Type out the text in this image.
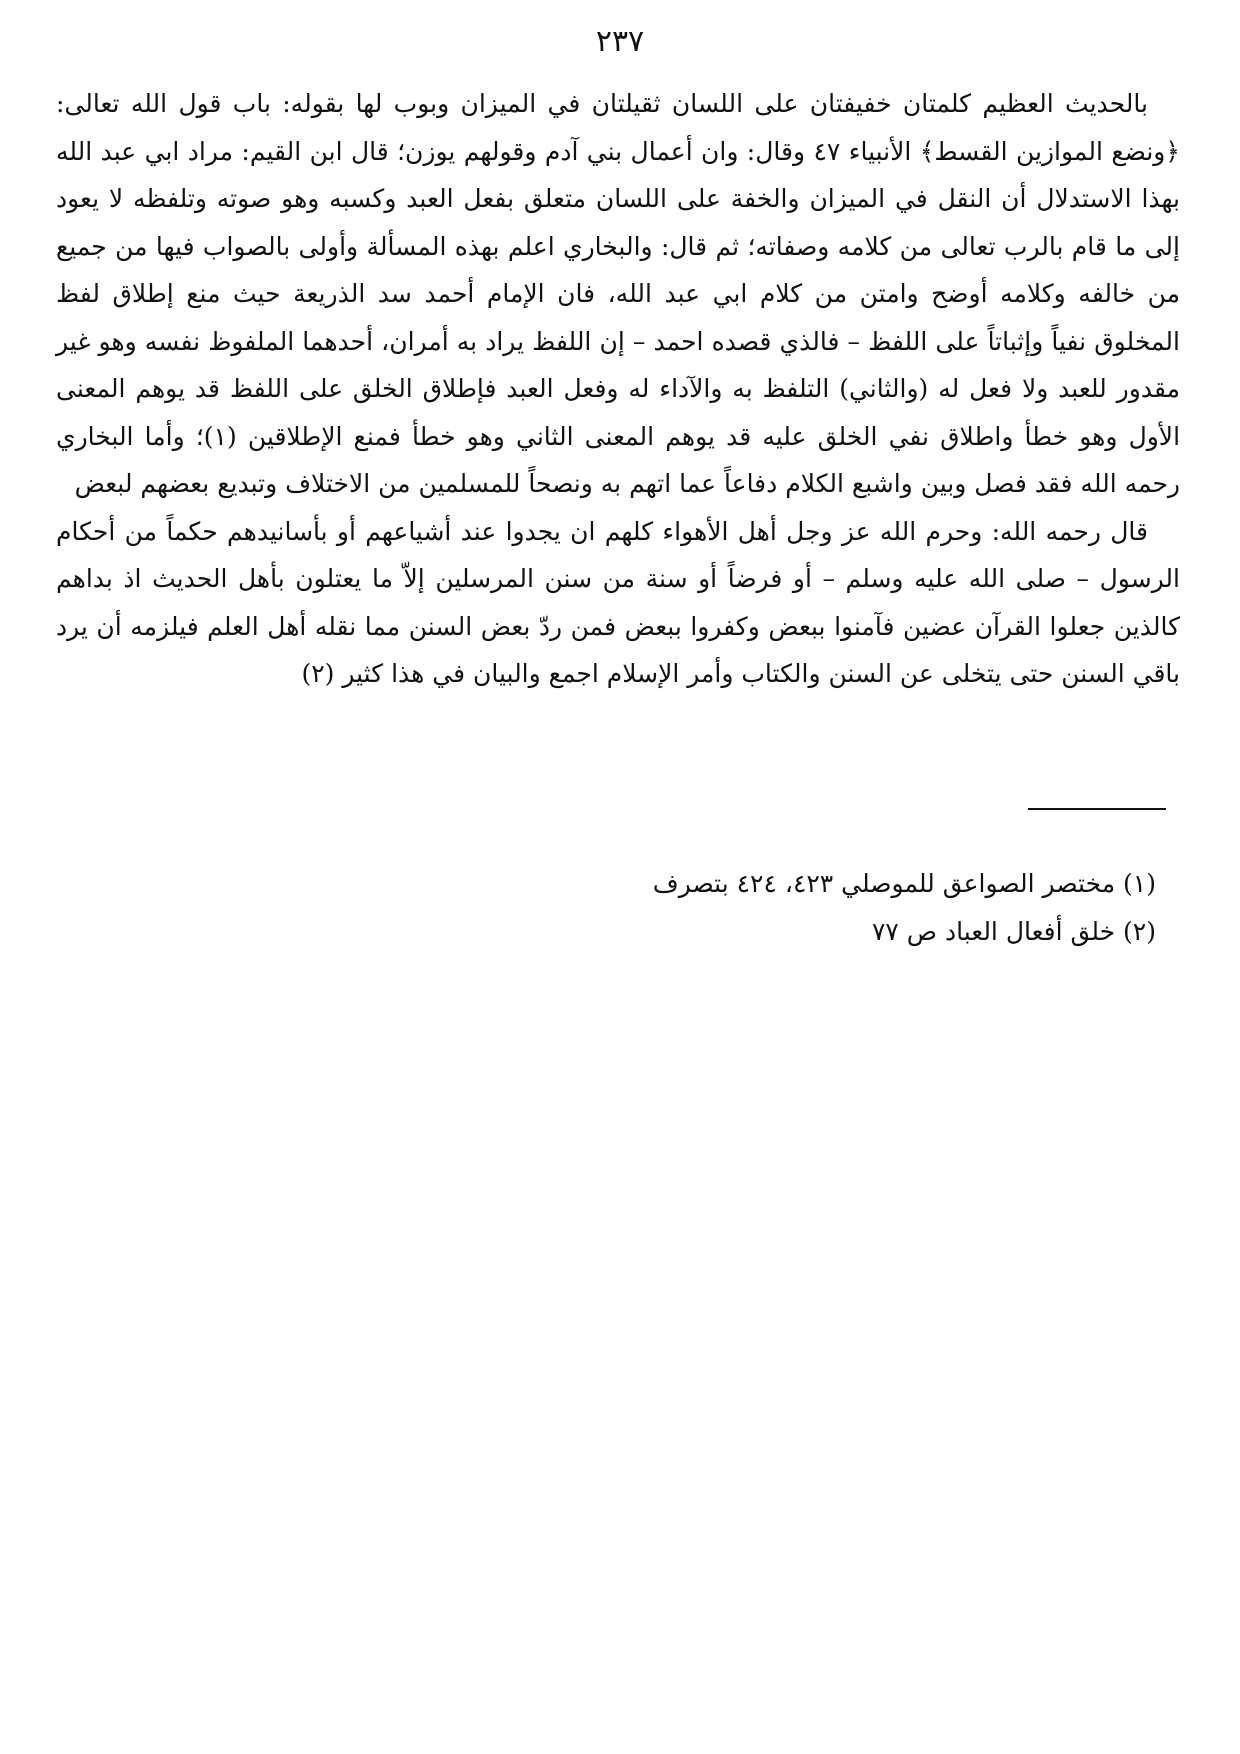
٢٣٧

بالحديث العظيم كلمتان خفيفتان على اللسان ثقيلتان في الميزان وبوب لها بقوله: باب قول الله تعالى: ﴿ونضع الموازين القسط﴾ الأنبياء ٤٧ وقال: وان أعمال بني آدم وقولهم يوزن؛ قال ابن القيم: مراد ابي عبد الله بهذا الاستدلال أن النقل في الميزان والخفة على اللسان متعلق بفعل العبد وكسبه وهو صوته وتلفظه لا يعود إلى ما قام بالرب تعالى من كلامه وصفاته؛ ثم قال: والبخاري اعلم بهذه المسألة وأولى بالصواب فيها من جميع من خالفه وكلامه أوضح وامتن من كلام ابي عبد الله، فان الإمام أحمد سد الذريعة حيث منع إطلاق لفظ المخلوق نفياً وإثباتاً على اللفظ – فالذي قصده احمد – إن اللفظ يراد به أمران، أحدهما الملفوظ نفسه وهو غير مقدور للعبد ولا فعل له (والثاني) التلفظ به والآداء له وفعل العبد فإطلاق الخلق على اللفظ قد يوهم المعنى الأول وهو خطأ واطلاق نفي الخلق عليه قد يوهم المعنى الثاني وهو خطأ فمنع الإطلاقين (١)؛ وأما البخاري رحمه الله فقد فصل وبين واشبع الكلام دفاعاً عما اتهم به ونصحاً للمسلمين من الاختلاف وتبديع بعضهم لبعض

قال رحمه الله: وحرم الله عز وجل أهل الأهواء كلهم ان يجدوا عند أشياعهم أو بأسانيدهم حكماً من أحكام الرسول – صلى الله عليه وسلم – أو فرضاً أو سنة من سنن المرسلين إلاّ ما يعتلون بأهل الحديث اذ بداهم كالذين جعلوا القرآن عضين فآمنوا ببعض وكفروا ببعض فمن ردّ بعض السنن مما نقله أهل العلم فيلزمه أن يرد باقي السنن حتى يتخلى عن السنن والكتاب وأمر الإسلام اجمع والبيان في هذا كثير (٢)

(١) مختصر الصواعق للموصلي ٤٢٣، ٤٢٤ بتصرف

(٢) خلق أفعال العباد ص ٧٧
